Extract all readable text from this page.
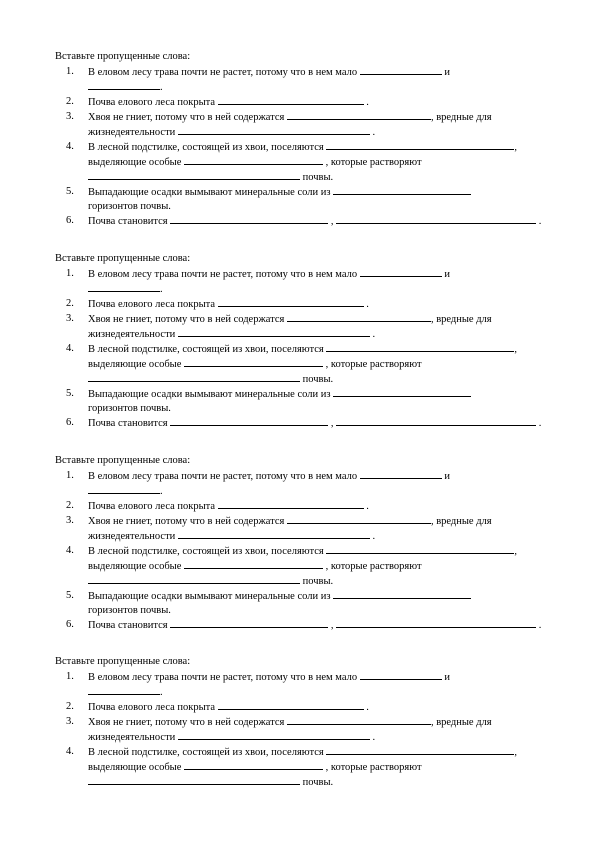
Вставьте пропущенные слова:
1. В еловом лесу трава почти не растет, потому что в нем мало	и
.
2. Почва елового леса покрыта	.
3. Хвоя не гниет, потому что в ней содержатся	, вредные для
жизнедеятельности	.
4. В лесной подстилке, состоящей из хвои, поселяются	,
выделяющие особые	, которые растворяют
почвы.
5. Выпадающие осадки вымывают минеральные соли из
горизонтов почвы.
6. Почва становится	,	.
Вставьте пропущенные слова:
1. В еловом лесу трава почти не растет, потому что в нем мало	и
.
2. Почва елового леса покрыта	.
3. Хвоя не гниет, потому что в ней содержатся	, вредные для
жизнедеятельности	.
4. В лесной подстилке, состоящей из хвои, поселяются	,
выделяющие особые	, которые растворяют
почвы.
5. Выпадающие осадки вымывают минеральные соли из
горизонтов почвы.
6. Почва становится	,	.
Вставьте пропущенные слова:
1. В еловом лесу трава почти не растет, потому что в нем мало	и
.
2. Почва елового леса покрыта	.
3. Хвоя не гниет, потому что в ней содержатся	, вредные для
жизнедеятельности	.
4. В лесной подстилке, состоящей из хвои, поселяются	,
выделяющие особые	, которые растворяют
почвы.
5. Выпадающие осадки вымывают минеральные соли из
горизонтов почвы.
6. Почва становится	,	.
Вставьте пропущенные слова:
1. В еловом лесу трава почти не растет, потому что в нем мало	и
.
2. Почва елового леса покрыта	.
3. Хвоя не гниет, потому что в ней содержатся	, вредные для
жизнедеятельности	.
4. В лесной подстилке, состоящей из хвои, поселяются	,
выделяющие особые	, которые растворяют
почвы.
